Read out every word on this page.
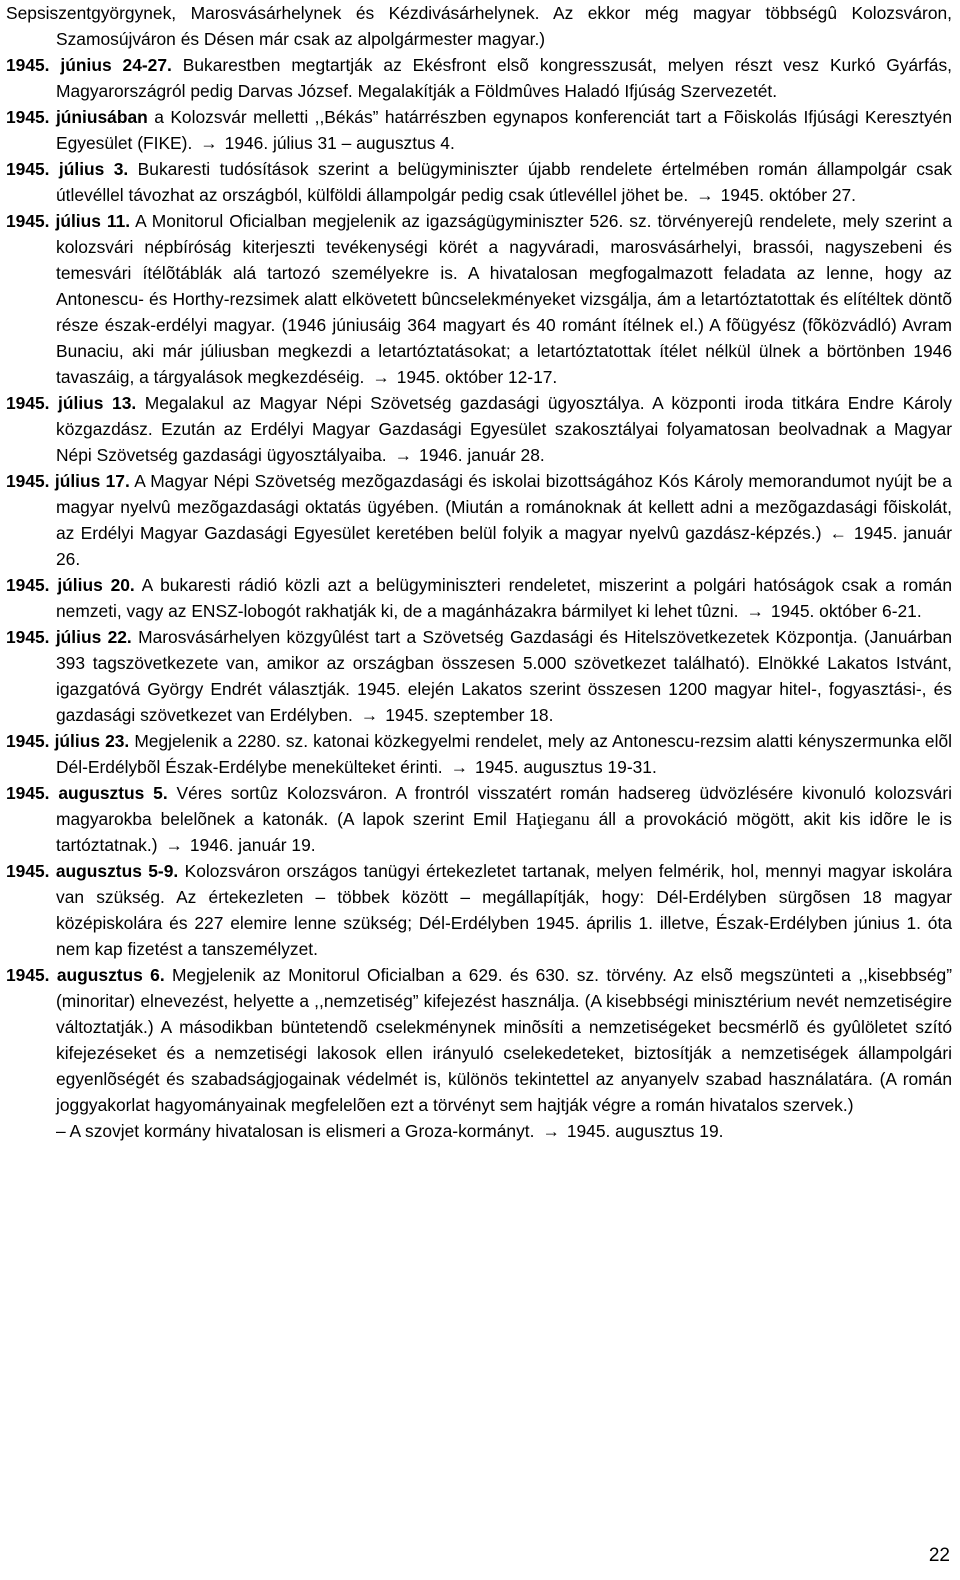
Sepsiszentgyörgynek, Marosvásárhelynek és Kézdivásárhelynek. Az ekkor még magyar többségû Kolozsváron, Szamosújváron és Désen már csak az alpolgármester magyar.)

1945. június 24-27. Bukarestben megtartják az Ekésfront elsõ kongresszusát, melyen részt vesz Kurkó Gyárfás, Magyarországról pedig Darvas József. Megalakítják a Földmûves Haladó Ifjúság Szervezetét.

1945. júniusában a Kolozsvár melletti ,,Békás” határrészben egynapos konferenciát tart a Fõiskolás Ifjúsági Keresztyén Egyesület (FIKE). → 1946. július 31 – augusztus 4.

1945. július 3. Bukaresti tudósítások szerint a belügyminiszter újabb rendelete értelmében román állampolgár csak útlevéllel távozhat az országból, külföldi állampolgár pedig csak útlevéllel jöhet be. → 1945. október 27.

1945. július 11. A Monitorul Oficialban megjelenik az igazságügyminiszter 526. sz. törvényerejû rendelete, mely szerint a kolozsvári népbíróság kiterjeszti tevékenységi körét a nagyváradi, marosvásárhelyi, brassói, nagyszebeni és temesvári ítélõtáblák alá tartozó személyekre is. A hivatalosan megfogalmazott feladata az lenne, hogy az Antonescu- és Horthy-rezsimek alatt elkövetett bûncselekményeket vizsgálja, ám a letartóztatottak és elítéltek döntõ része észak-erdélyi magyar. (1946 júniusáig 364 magyart és 40 románt ítélnek el.) A fõügyész (fõközvádló) Avram Bunaciu, aki már júliusban megkezdi a letartóztatásokat; a letartóztatottak ítélet nélkül ülnek a börtönben 1946 tavaszáig, a tárgyalások megkezdéséig. → 1945. október 12-17.

1945. július 13. Megalakul az Magyar Népi Szövetség gazdasági ügyosztálya. A központi iroda titkára Endre Károly közgazdász. Ezután az Erdélyi Magyar Gazdasági Egyesület szakosztályai folyamatosan beolvadnak a Magyar Népi Szövetség gazdasági ügyosztályaiba. → 1946. január 28.

1945. július 17. A Magyar Népi Szövetség mezõgazdasági és iskolai bizottságához Kós Károly memorandumot nyújt be a magyar nyelvû mezõgazdasági oktatás ügyében. (Miután a románoknak át kellett adni a mezõgazdasági fõiskolát, az Erdélyi Magyar Gazdasági Egyesület keretében belül folyik a magyar nyelvû gazdász-képzés.) ← 1945. január 26.

1945. július 20. A bukaresti rádió közli azt a belügyminiszteri rendeletet, miszerint a polgári hatóságok csak a román nemzeti, vagy az ENSZ-lobogót rakhatják ki, de a magánházakra bármilyet ki lehet tûzni. → 1945. október 6-21.

1945. július 22. Marosvásárhelyen közgyûlést tart a Szövetség Gazdasági és Hitelszövetkezetek Központja. (Januárban 393 tagszövetkezete van, amikor az országban összesen 5.000 szövetkezet található). Elnökké Lakatos Istvánt, igazgatóvá György Endrét választják. 1945. elején Lakatos szerint összesen 1200 magyar hitel-, fogyasztási-, és gazdasági szövetkezet van Erdélyben. → 1945. szeptember 18.

1945. július 23. Megjelenik a 2280. sz. katonai közkegyelmi rendelet, mely az Antonescu-rezsim alatti kényszermunka elõl Dél-Erdélybõl Észak-Erdélybe menekülteket érinti. → 1945. augusztus 19-31.

1945. augusztus 5. Véres sortûz Kolozsváron. A frontról visszatért román hadsereg üdvözlésére kivonuló kolozsvári magyarokba belelõnek a katonák. (A lapok szerint Emil Haţieganu áll a provokáció mögött, akit kis idõre le is tartóztatnak.) → 1946. január 19.

1945. augusztus 5-9. Kolozsváron országos tanügyi értekezletet tartanak, melyen felmérik, hol, mennyi magyar iskolára van szükség. Az értekezleten – többek között – megállapítják, hogy: Dél-Erdélyben sürgõsen 18 magyar középiskolára és 227 elemire lenne szükség; Dél-Erdélyben 1945. április 1. illetve, Észak-Erdélyben június 1. óta nem kap fizetést a tanszemélyzet.

1945. augusztus 6. Megjelenik az Monitorul Oficialban a 629. és 630. sz. törvény. Az elsõ megszünteti a ,,kisebbség” (minoritar) elnevezést, helyette a ,,nemzetiség” kifejezést használja. (A kisebbségi minisztérium nevét nemzetiségire változtatják.) A másodikban büntetendõ cselekménynek minõsíti a nemzetiségeket becsmérlõ és gyûlöletet szító kifejezéseket és a nemzetiségi lakosok ellen irányuló cselekedeteket, biztosítják a nemzetiségek állampolgári egyenlõségét és szabadságjogainak védelmét is, különös tekintettel az anyanyelv szabad használatára. (A román joggyakorlat hagyományainak megfelelõen ezt a törvényt sem hajtják végre a román hivatalos szervek.)

– A szovjet kormány hivatalosan is elismeri a Groza-kormányt. → 1945. augusztus 19.

22
